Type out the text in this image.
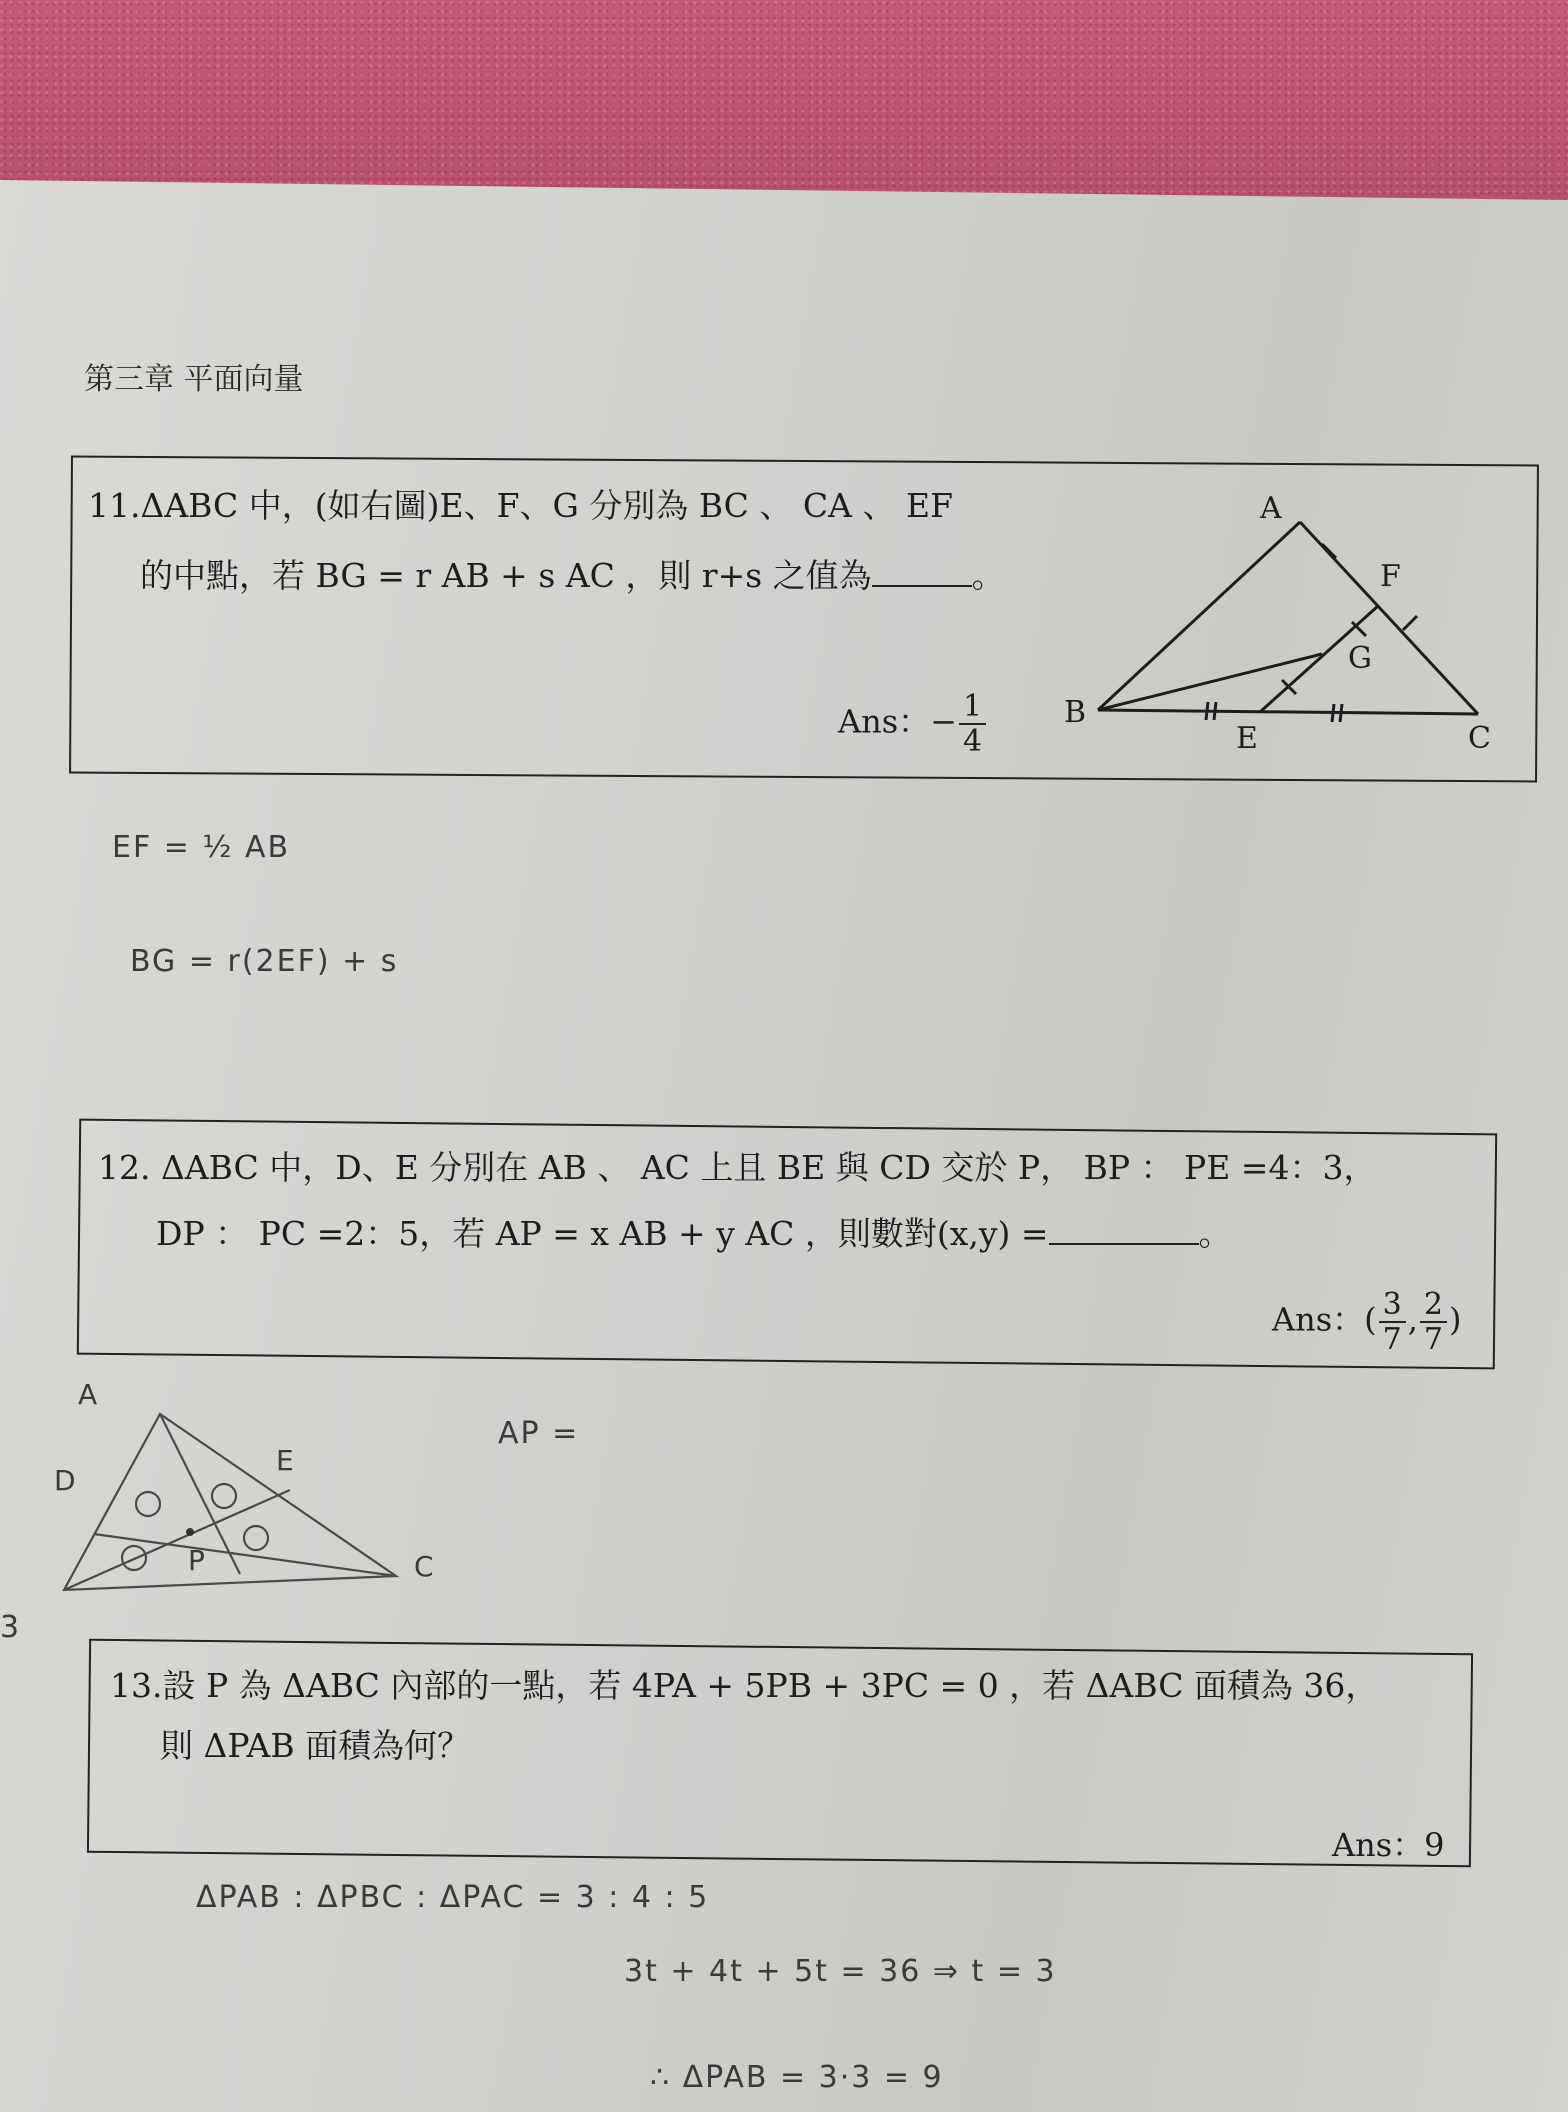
第三章 平面向量
11.ΔABC 中，(如右圖)E、F、G 分別為 BC 、 CA 、 EF
的中點，若 BG = r AB + s AC ，則 r+s 之值為	。
Ans：− $\frac{1}{4}$
A
F
G
B
E	C
EF = ½ AB
BG = r(2EF) + s
12. ΔABC 中，D、E 分別在 AB 、 AC 上且 BE 與 CD 交於 P， BP ： PE =4：3，
DP ： PC =2：5，若 AP = x AB + y AC ，則數對(x,y) =	。
Ans：( $\frac{3}{7}$ , $\frac{2}{7}$ )
A
E
D
C
P
AP =
3
13.設 P 為 ΔABC 內部的一點，若 4PA + 5PB + 3PC = 0 ，若 ΔABC 面積為 36，
則 ΔPAB 面積為何？
Ans：9
ΔPAB : ΔPBC : ΔPAC = 3 : 4 : 5
3t + 4t + 5t = 36 ⇒ t = 3
∴ ΔPAB = 3·3 = 9
